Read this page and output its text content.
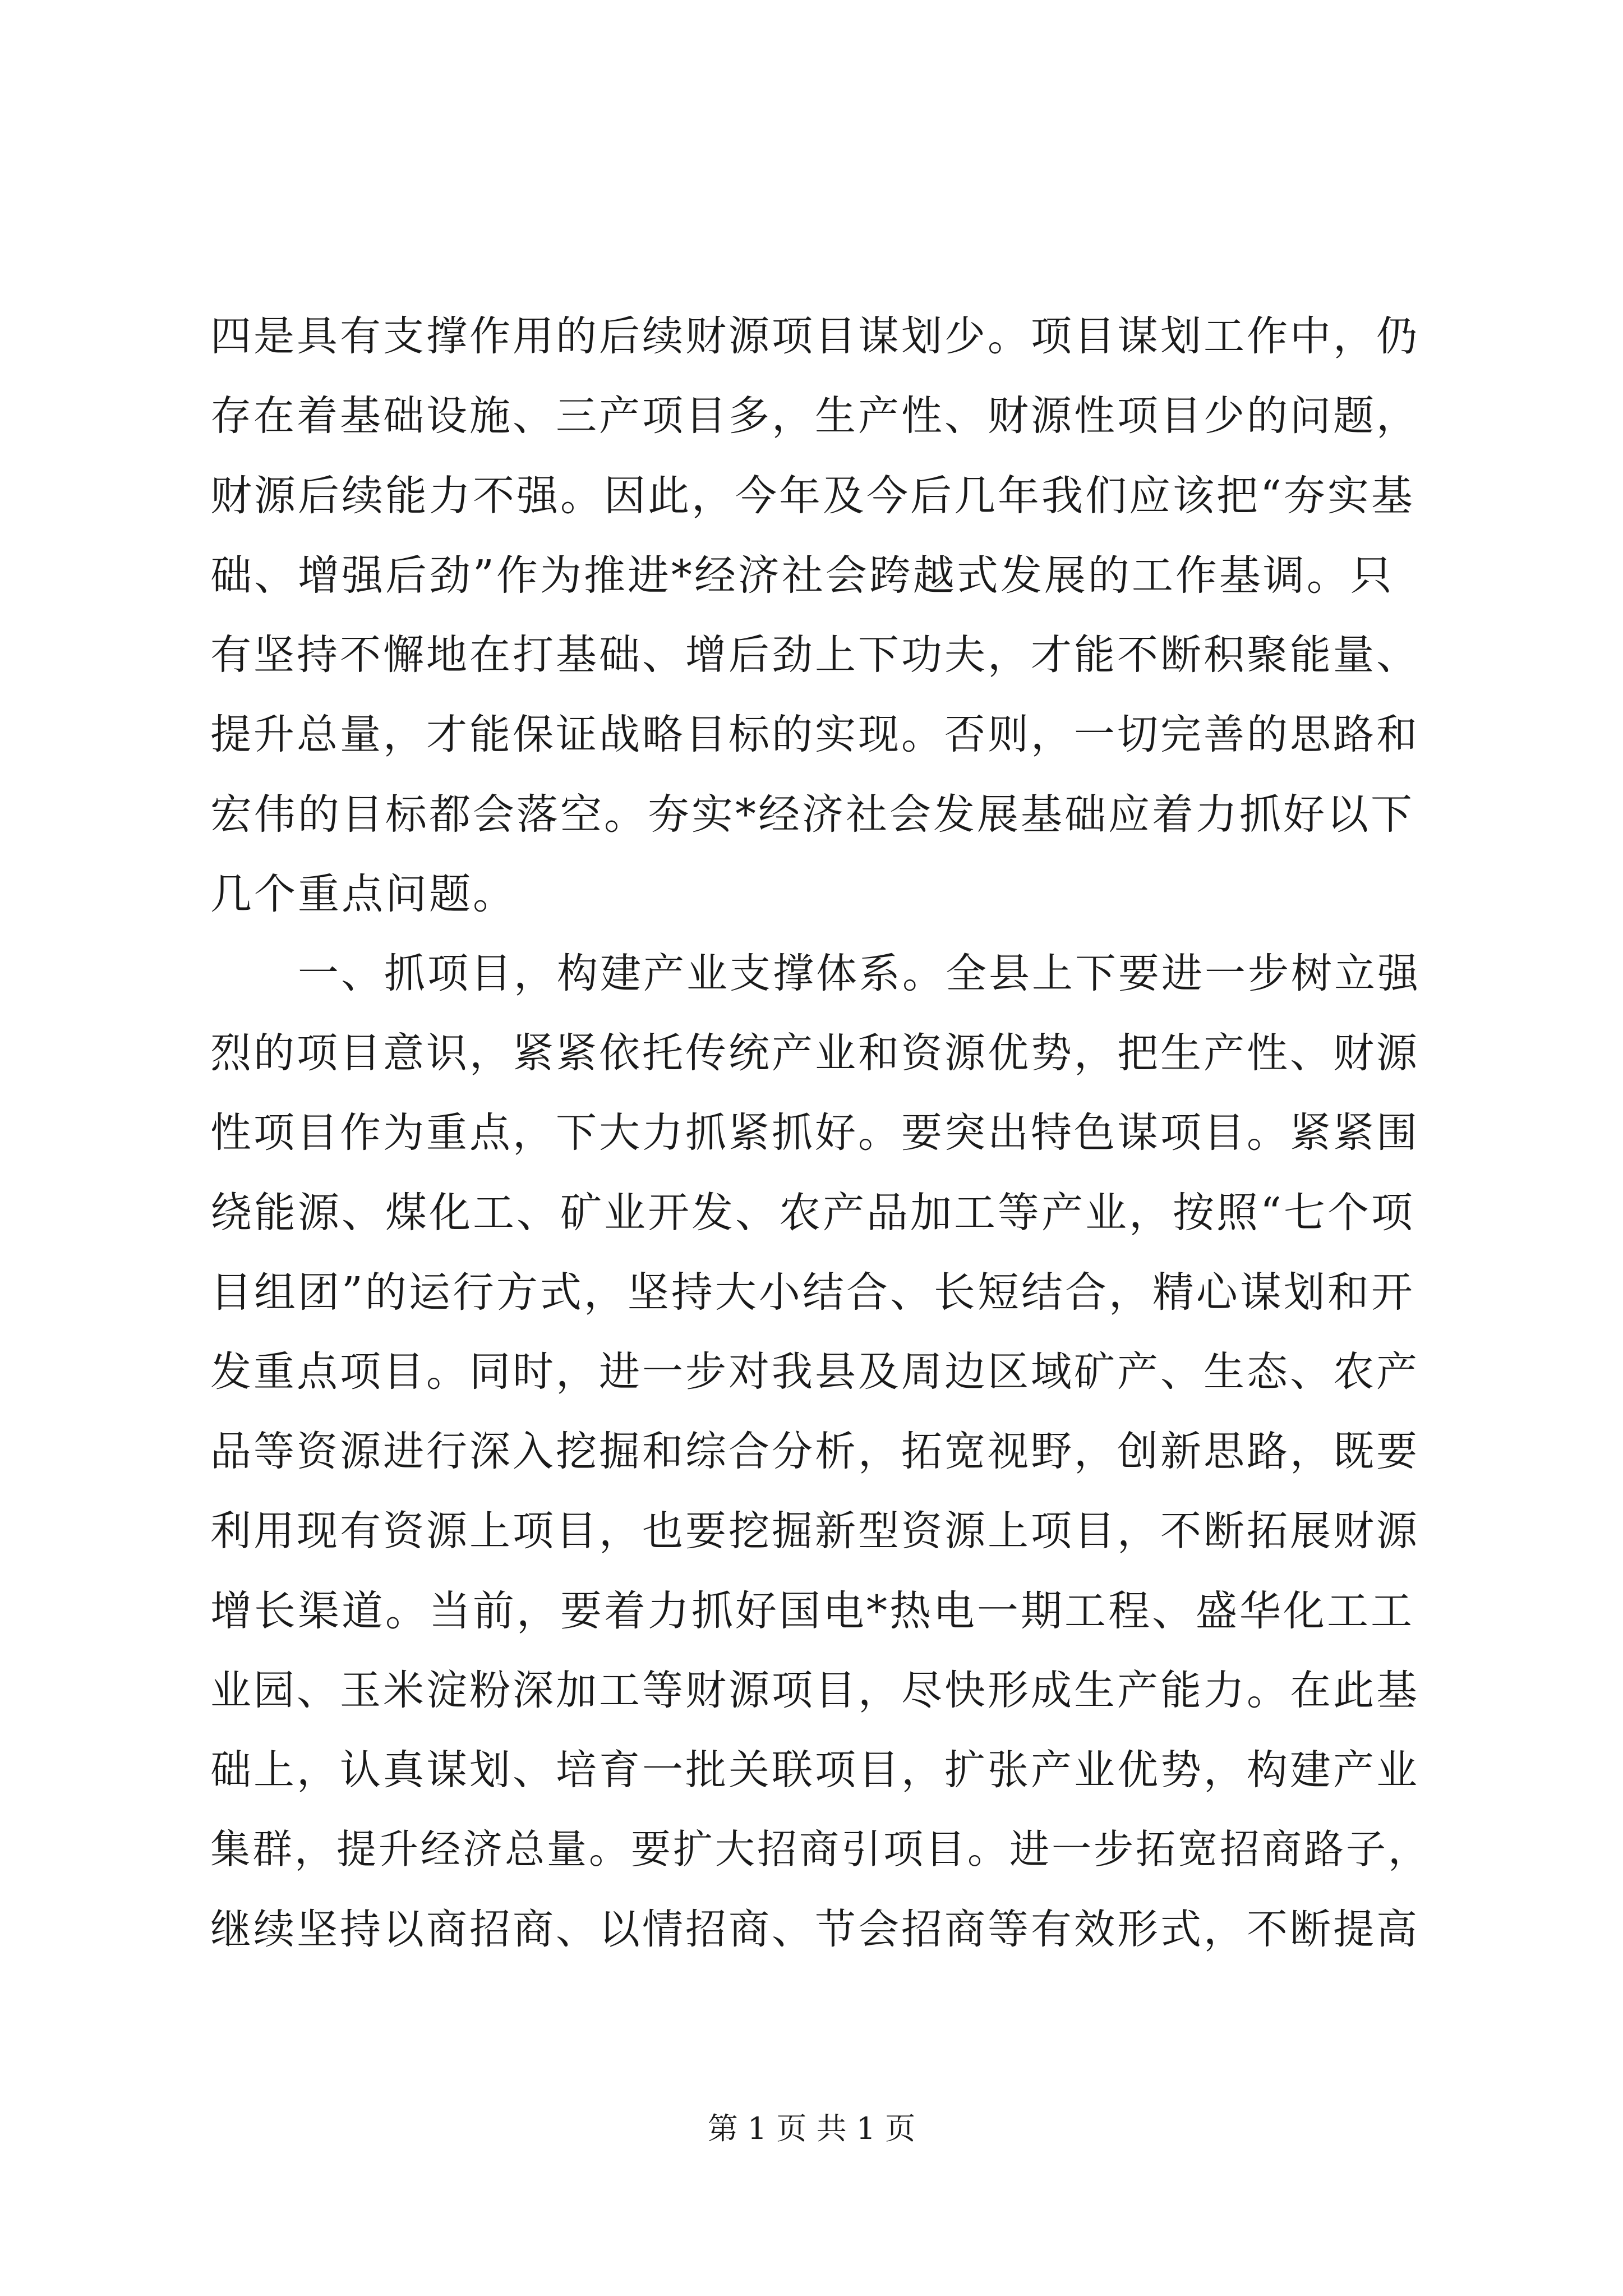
四是具有支撑作用的后续财源项目谋划少。项目谋划工作中，仍
存在着基础设施、三产项目多，生产性、财源性项目少的问题，
财源后续能力不强。因此，今年及今后几年我们应该把“夯实基
础、增强后劲”作为推进*经济社会跨越式发展的工作基调。只
有坚持不懈地在打基础、增后劲上下功夫，才能不断积聚能量、
提升总量，才能保证战略目标的实现。否则，一切完善的思路和
宏伟的目标都会落空。夯实*经济社会发展基础应着力抓好以下
几个重点问题。
一、抓项目，构建产业支撑体系。全县上下要进一步树立强
烈的项目意识，紧紧依托传统产业和资源优势，把生产性、财源
性项目作为重点，下大力抓紧抓好。要突出特色谋项目。紧紧围
绕能源、煤化工、矿业开发、农产品加工等产业，按照“七个项
目组团”的运行方式，坚持大小结合、长短结合，精心谋划和开
发重点项目。同时，进一步对我县及周边区域矿产、生态、农产
品等资源进行深入挖掘和综合分析，拓宽视野，创新思路，既要
利用现有资源上项目，也要挖掘新型资源上项目，不断拓展财源
增长渠道。当前，要着力抓好国电*热电一期工程、盛华化工工
业园、玉米淀粉深加工等财源项目，尽快形成生产能力。在此基
础上，认真谋划、培育一批关联项目，扩张产业优势，构建产业
集群，提升经济总量。要扩大招商引项目。进一步拓宽招商路子，
继续坚持以商招商、以情招商、节会招商等有效形式，不断提高
第 1 页 共 1 页
